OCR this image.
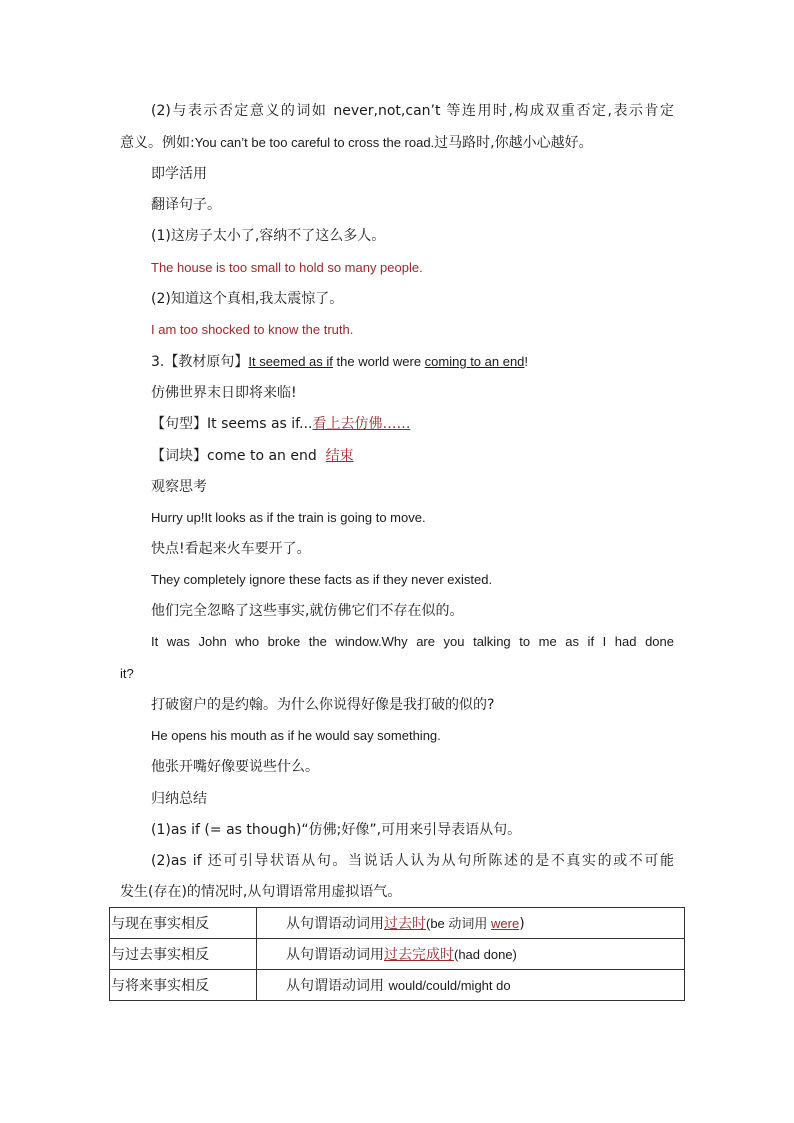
(2)与表示否定意义的词如 never,not,can’t 等连用时,构成双重否定,表示肯定
意义。例如:You can’t be too careful to cross the road.过马路时,你越小心越好。
即学活用
翻译句子。
(1)这房子太小了,容纳不了这么多人。
The house is too small to hold so many people.
(2)知道这个真相,我太震惊了。
I am too shocked to know the truth.
3.【教材原句】It seemed as if the world were coming to an end!
仿佛世界末日即将来临!
【句型】It seems as if...看上去仿佛……
【词块】come to an end 结束
观察思考
Hurry up!It looks as if the train is going to move.
快点!看起来火车要开了。
They completely ignore these facts as if they never existed.
他们完全忽略了这些事实,就仿佛它们不存在似的。
It was John who broke the window.Why are you talking to me as if I had done
it?
打破窗户的是约翰。为什么你说得好像是我打破的似的?
He opens his mouth as if he would say something.
他张开嘴好像要说些什么。
归纳总结
(1)as if (= as though)“仿佛;好像”,可用来引导表语从句。
(2)as if 还可引导状语从句。当说话人认为从句所陈述的是不真实的或不可能
发生(存在)的情况时,从句谓语常用虚拟语气。
与现在事实相反	从句谓语动词用过去时(be 动词用 were)
与过去事实相反	从句谓语动词用过去完成时(had done)
与将来事实相反	从句谓语动词用 would/could/might do
